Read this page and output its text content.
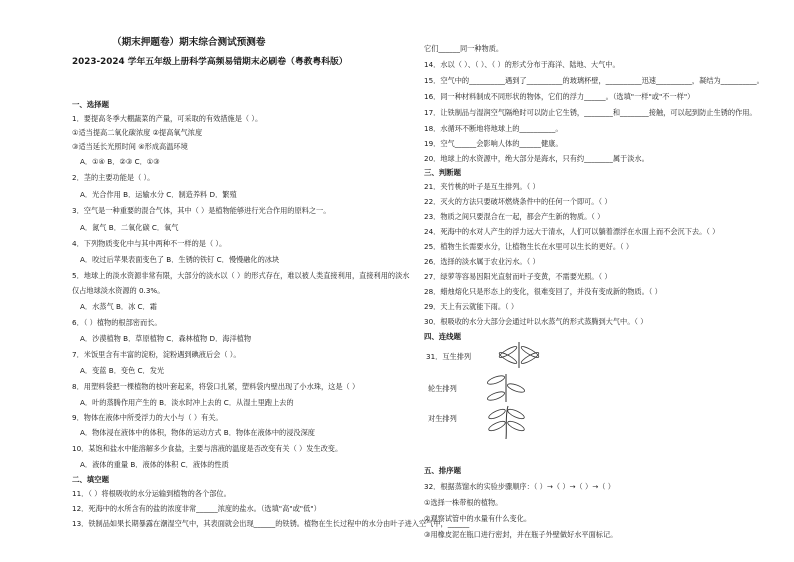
（期末押题卷）期末综合测试预测卷
2023-2024 学年五年级上册科学高频易错期末必刷卷（粤教粤科版）
一、选择题
1．要提高冬季大棚蔬菜的产量，可采取的有效措施是（ ）。
①适当提高二氧化碳浓度 ②提高氧气浓度
③适当延长光照时间 ④形成高温环境
A．①④ B．②③ C．①③
2．茎的主要功能是（ ）。
A．光合作用 B．运输水分 C．制造养料 D．繁殖
3．空气是一种重要的混合气体，其中（ ）是植物能够进行光合作用的原料之一。
A．氮气 B．二氧化碳 C．氧气
4．下列物质变化中与其中两种不一样的是（ ）。
A．咬过后苹果表面变色了 B．生锈的铁钉 C．慢慢融化的冰块
5．地球上的淡水资源非常有限，大部分的淡水以（ ）的形式存在，难以被人类直接利用，直接利用的淡水
仅占地球淡水资源的 0.3%。
A．水蒸气 B．冰 C．霜
6．（ ）植物的根部密而长。
A．沙漠植物 B．草原植物 C．森林植物 D．海洋植物
7．米饭里含有丰富的淀粉，淀粉遇到碘液后会（ ）。
A．变蓝 B．变色 C．发光
8．用塑料袋把一棵植物的枝叶套起来，将袋口扎紧，塑料袋内壁出现了小水珠，这是（ ）
A．叶的蒸腾作用产生的 B．淡水时冲上去的 C．从湿土里跑上去的
9．物体在液体中所受浮力的大小与（ ）有关。
A．物体浸在液体中的体积，物体的运动方式 B．物体在液体中的浸没深度
10．某饱和盐水中能溶解多少食盐，主要与溶液的温度是否改变有关（ ）发生改变。
A．液体的重量 B．液体的体积 C．液体的性质
二、填空题
11．（ ）将根吸收的水分运输到植物的各个部位。
12．死海中的水所含有的盐的浓度非常______浓度的盐水。（选填"高"或"低"）
13．铁制品如果长期暴露在潮湿空气中，其表面就会出现______的铁锈。植物在生长过程中的水分由叶子进入空气中，______
它们______同一种物质。
14．水以（ ）、（ ）、（ ）的形式分布于海洋、陆地、大气中。
15．空气中的__________遇到了__________的玻璃杯壁，__________迅速__________，凝结为__________。
16．同一种材料制成不同形状的物体，它们的浮力______。（选填"一样"或"不一样"）
17．让铁制品与湿润空气隔绝时可以防止它生锈，________和________接触，可以起到防止生锈的作用。
18．水循环不断地将地球上的__________。
19．空气______会影响人体的______健康。
20．地球上的水资源中，绝大部分是海水，只有约________属于淡水。
三、判断题
21．夹竹桃的叶子是互生排列。（ ）
22．灭火的方法只要破坏燃烧条件中的任何一个即可。（ ）
23．物质之间只要混合在一起，都会产生新的物质。（ ）
24．死海中的水对人产生的浮力远大于清水，人们可以躺着漂浮在水面上而不会沉下去。（ ）
25．植物生长需要水分，让植物生长在水里可以生长的更好。（ ）
26．选择的淡水属于农业污水。（ ）
27．绿萝等容易因阳光直射而叶子变黄，不需要光照。（ ）
28．蜡烛熔化只是形态上的变化，很难变回了，并没有变成新的物质。（ ）
29．天上有云就能下雨。（ ）
30．根吸收的水分大部分会通过叶以水蒸气的形式蒸腾到大气中。（ ）
四、连线题
31．互生排列
轮生排列
对生排列
五、排序题
32．根据蒸馏水的实验步骤顺序：（ ）→（ ）→（ ）→（ ）
①选择一株带根的植物。
②观察试管中的水量有什么变化。
③用橡皮泥在瓶口进行密封，并在瓶子外壁做好水平面标记。
